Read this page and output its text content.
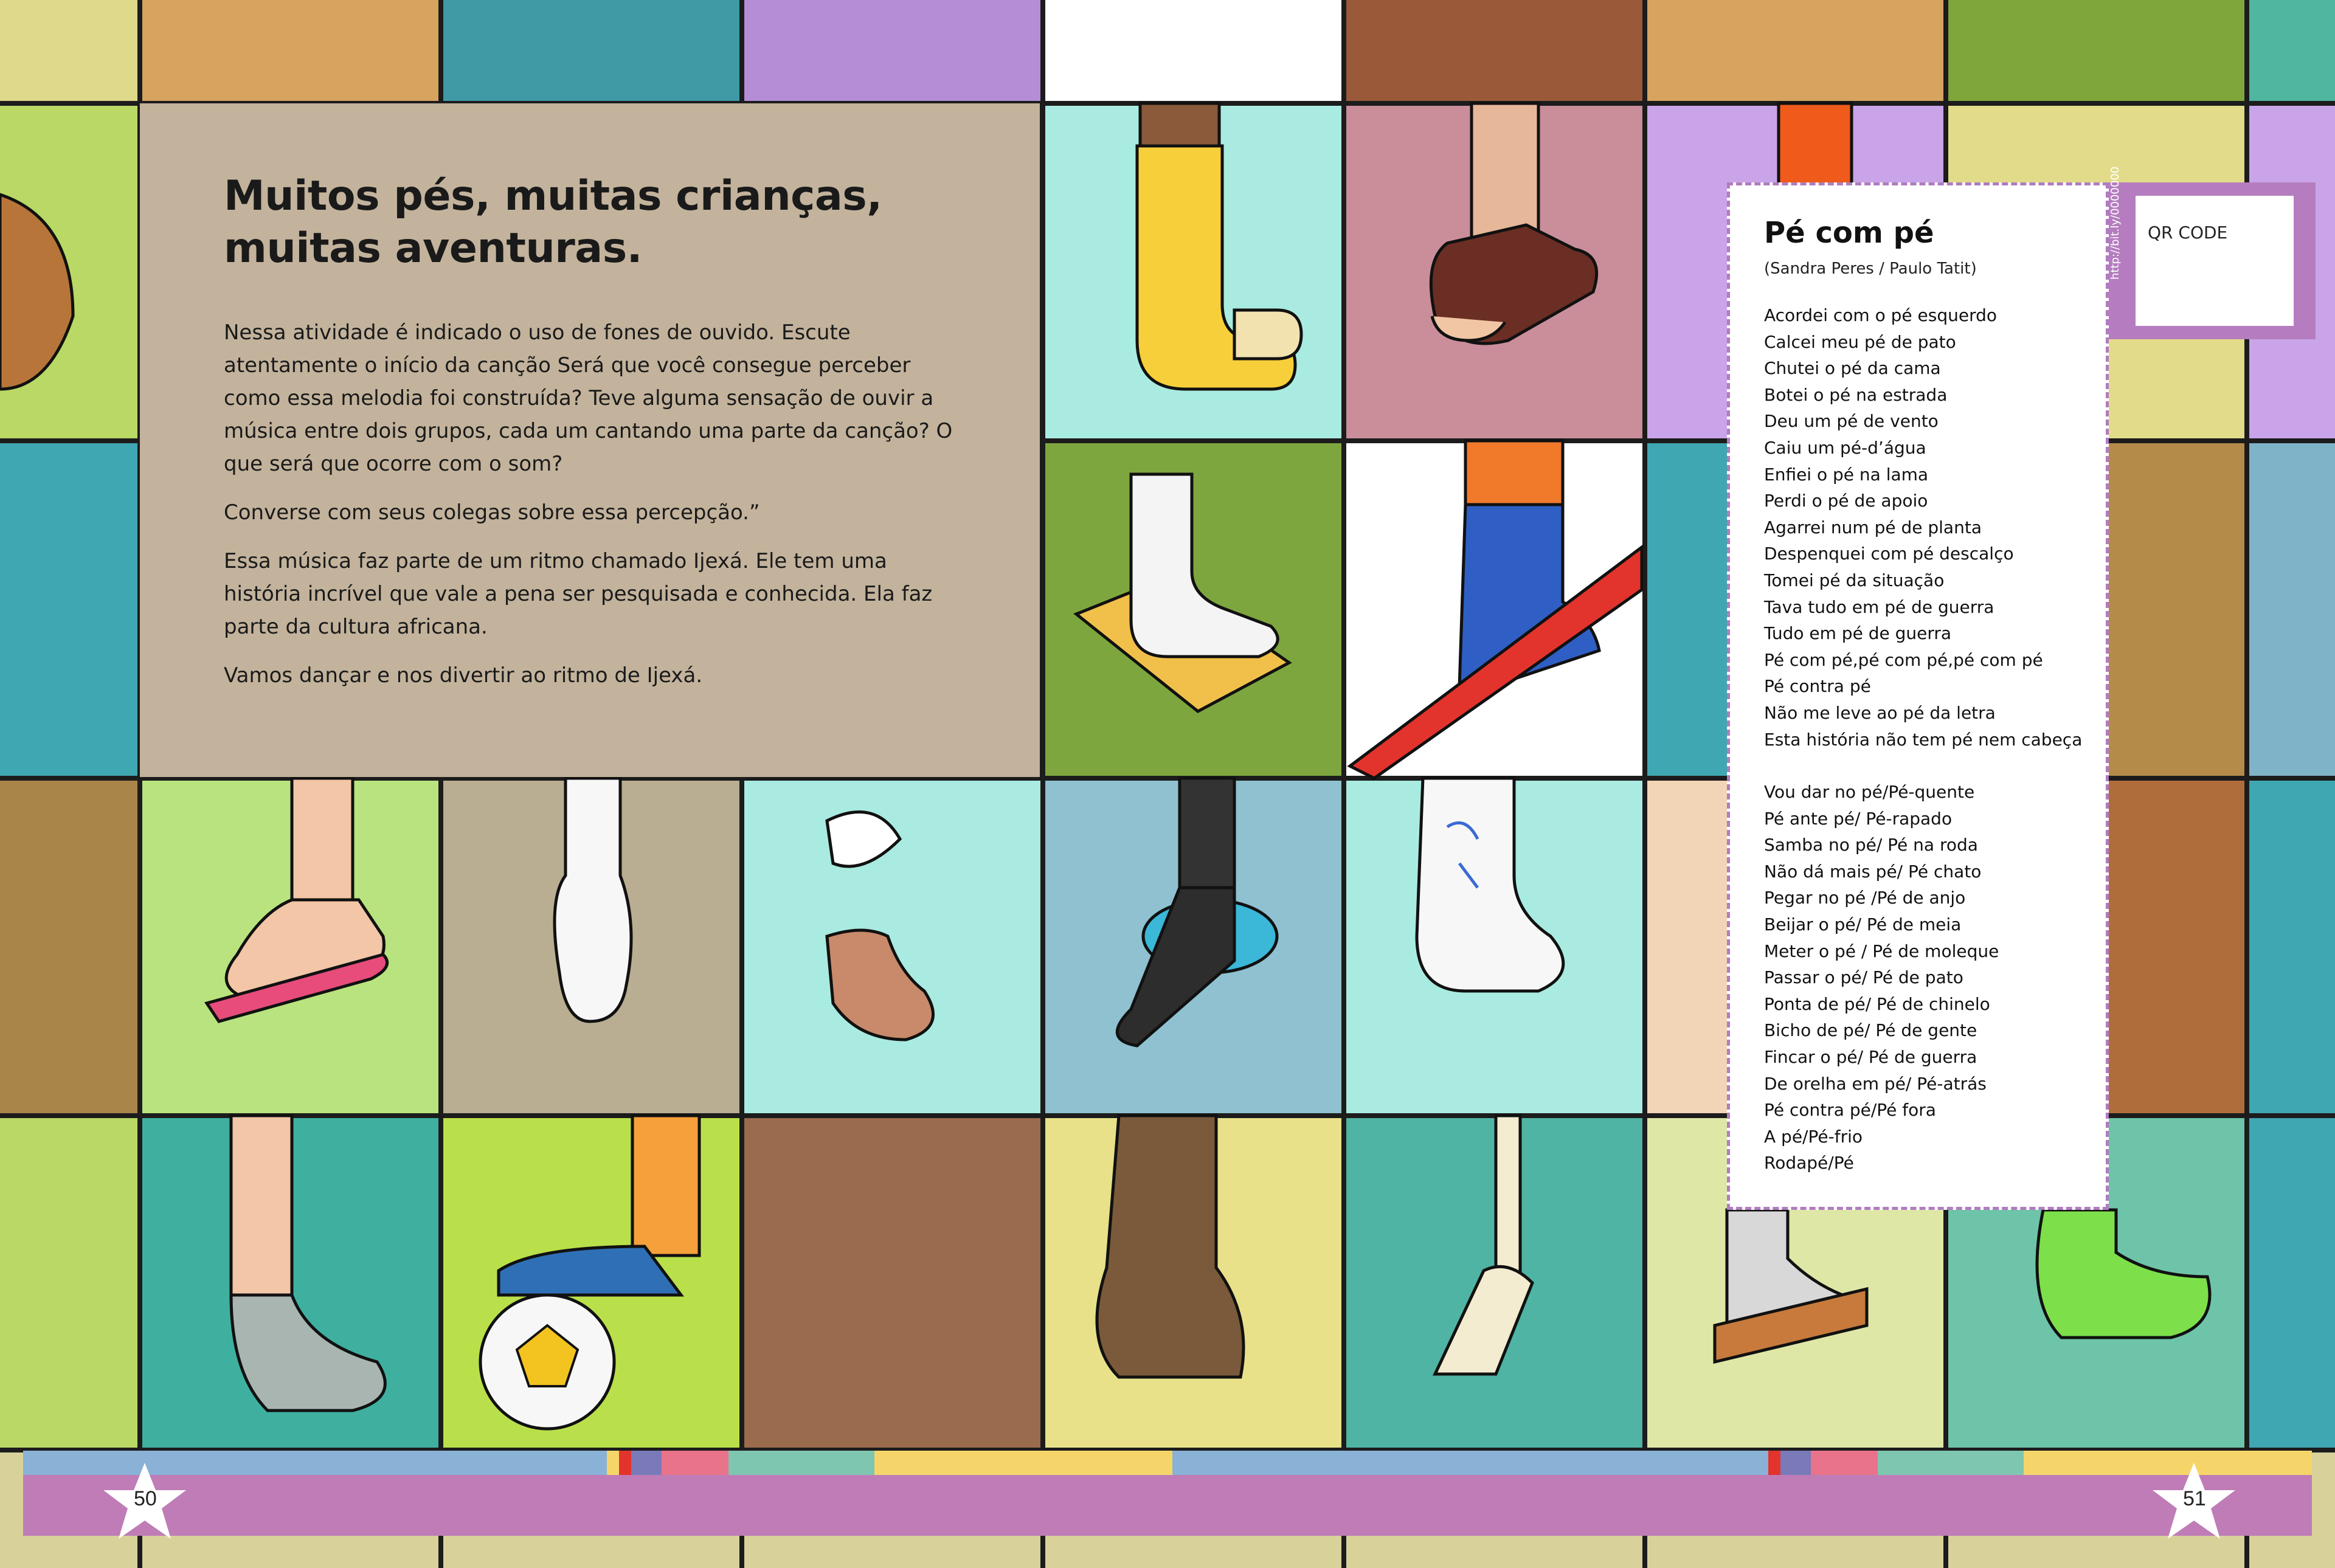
Muitos pés, muitas crianças, muitas aventuras.

Nessa atividade é indicado o uso de fones de ouvido. Escute atentamente o início da canção Será que você consegue perceber como essa melodia foi construída? Teve alguma sensação de ouvir a música entre dois grupos, cada um cantando uma parte da canção? O que será que ocorre com o som?

Converse com seus colegas sobre essa percepção.”

Essa música faz parte de um ritmo chamado Ijexá. Ele tem uma história incrível que vale a pena ser pesquisada e conhecida. Ela faz parte da cultura africana.

Vamos dançar e nos divertir ao ritmo de Ijexá.

Pé com pé
(Sandra Peres / Paulo Tatit)
Acordei com o pé esquerdo
Calcei meu pé de pato
Chutei o pé da cama
Botei o pé na estrada
Deu um pé de vento
Caiu um pé-d’água
Enfiei o pé na lama
Perdi o pé de apoio
Agarrei num pé de planta
Despenquei com pé descalço
Tomei pé da situação
Tava tudo em pé de guerra
Tudo em pé de guerra
Pé com pé,pé com pé,pé com pé
Pé contra pé
Não me leve ao pé da letra
Esta história não tem pé nem cabeça
Vou dar no pé/Pé-quente
Pé ante pé/ Pé-rapado
Samba no pé/ Pé na roda
Não dá mais pé/ Pé chato
Pegar no pé /Pé de anjo
Beijar o pé/ Pé de meia
Meter o pé / Pé de moleque
Passar o pé/ Pé de pato
Ponta de pé/ Pé de chinelo
Bicho de pé/ Pé de gente
Fincar o pé/ Pé de guerra
De orelha em pé/ Pé-atrás
Pé contra pé/Pé fora
A pé/Pé-frio
Rodapé/Pé
http://bit.ly/0000000	QR CODE
50	51
